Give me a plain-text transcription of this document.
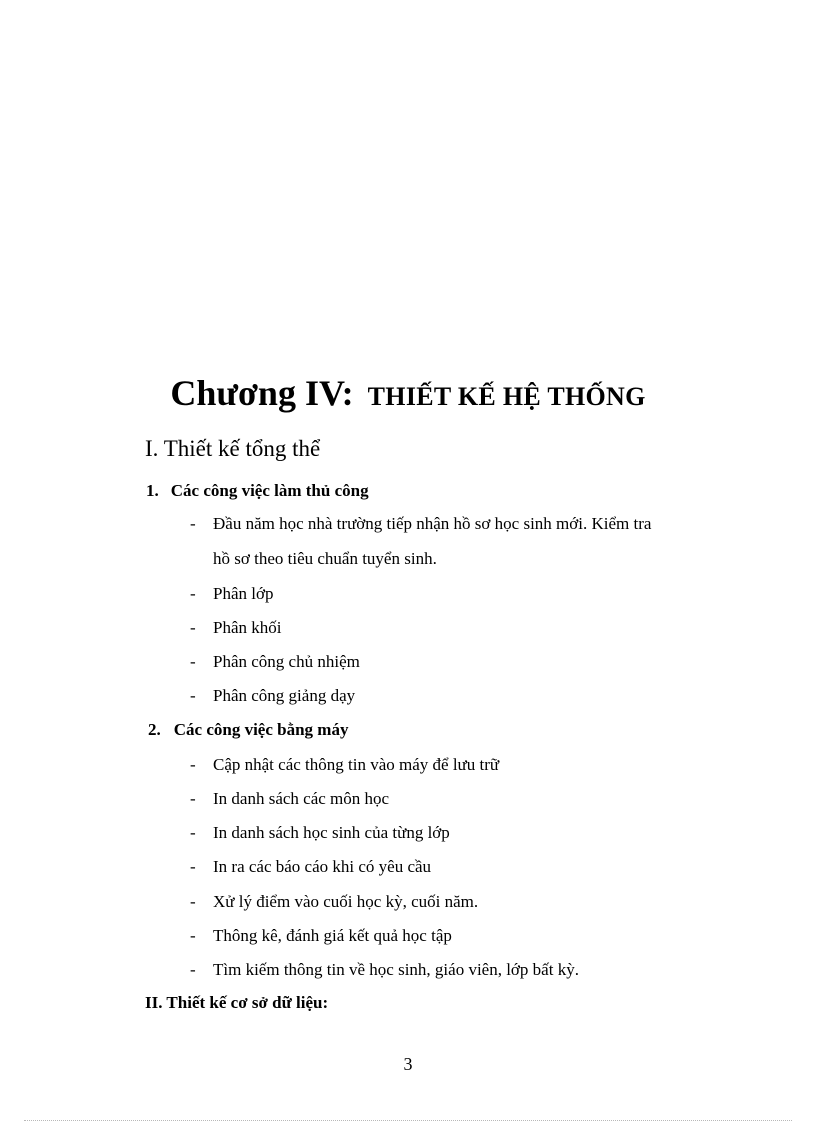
Chương IV: THIẾT KẾ HỆ THỐNG
I. Thiết kế tổng thể
1. Các công việc làm thủ công
- Đầu năm học nhà trường tiếp nhận hồ sơ học sinh mới. Kiểm tra
hồ sơ theo tiêu chuẩn tuyển sinh.
- Phân lớp
- Phân khối
- Phân công chủ nhiệm
- Phân công giảng dạy
2. Các công việc bằng máy
- Cập nhật các thông tin vào máy để lưu trữ
- In danh sách các môn học
- In danh sách học sinh của từng lớp
- In ra các báo cáo khi có yêu cầu
- Xử lý điểm vào cuối học kỳ, cuối năm.
- Thông kê, đánh giá kết quả học tập
- Tìm kiếm thông tin về học sinh, giáo viên, lớp bất kỳ.
II. Thiết kế cơ sở dữ liệu:
3
